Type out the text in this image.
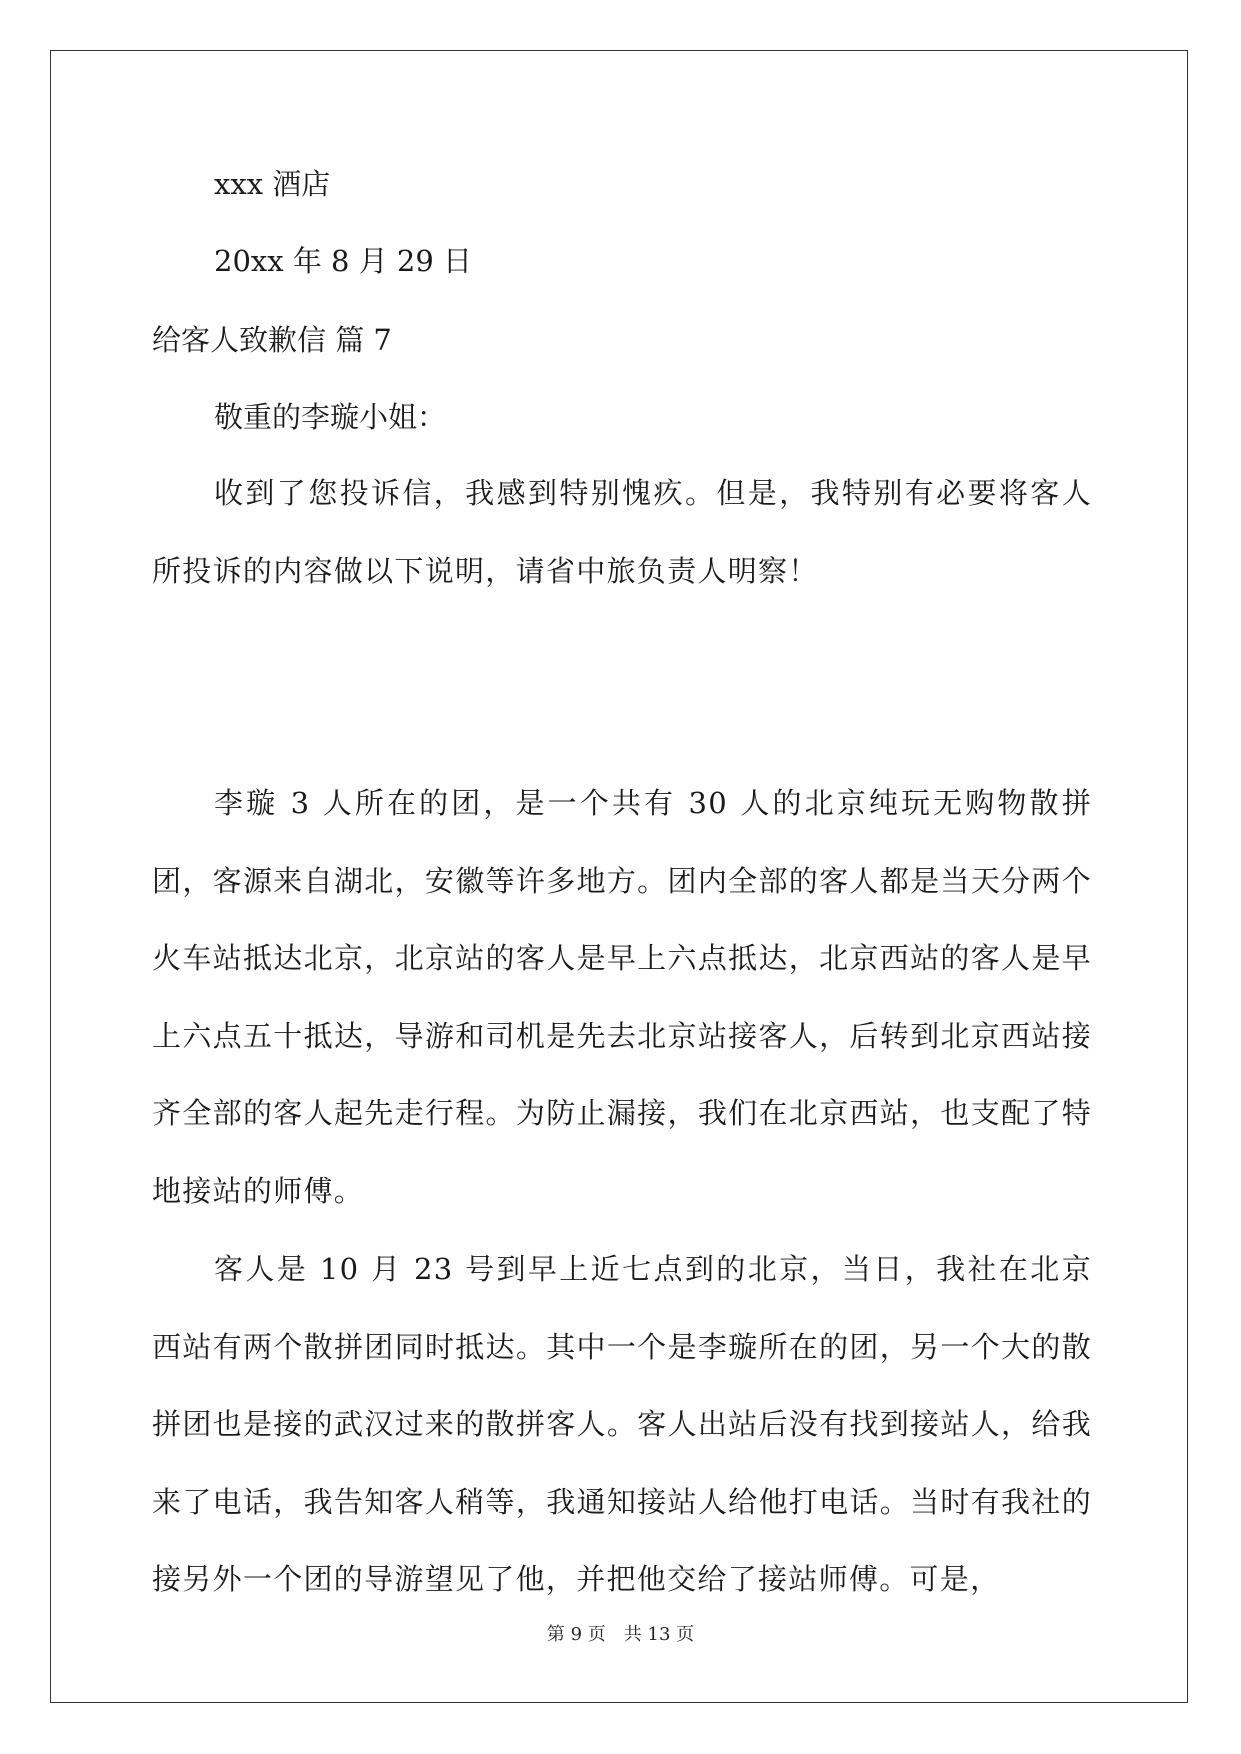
xxx 酒店

20xx 年 8 月 29 日

给客人致歉信 篇 7

敬重的李璇小姐：

收到了您投诉信，我感到特别愧疚。但是，我特别有必要将客人所投诉的内容做以下说明，请省中旅负责人明察！

李璇 3 人所在的团，是一个共有 30 人的北京纯玩无购物散拼团，客源来自湖北，安徽等许多地方。团内全部的客人都是当天分两个火车站抵达北京，北京站的客人是早上六点抵达，北京西站的客人是早上六点五十抵达，导游和司机是先去北京站接客人，后转到北京西站接齐全部的客人起先走行程。为防止漏接，我们在北京西站，也支配了特地接站的师傅。

客人是 10 月 23 号到早上近七点到的北京，当日，我社在北京西站有两个散拼团同时抵达。其中一个是李璇所在的团，另一个大的散拼团也是接的武汉过来的散拼客人。客人出站后没有找到接站人，给我来了电话，我告知客人稍等，我通知接站人给他打电话。当时有我社的接另外一个团的导游望见了他，并把他交给了接站师傅。可是，

第 9 页　共 13 页
